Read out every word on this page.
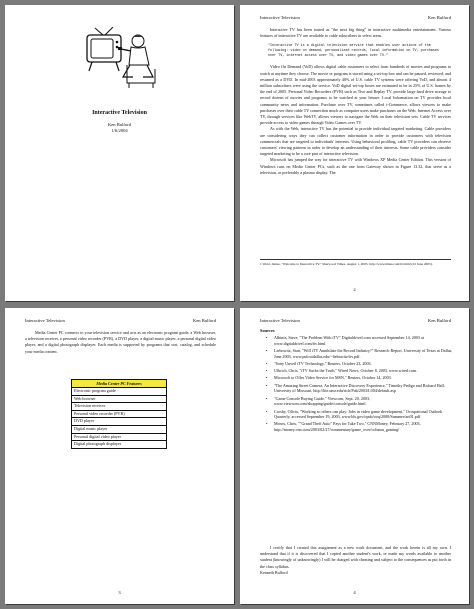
Interactive Television
Ken Bulford
1/6/2004
Interactive Television	Ken Bulford

Interactive TV has been touted as "the next big thing" in interactive multimedia entertainment. Various features of interactive TV are available to cable subscribers in select areas.

"Interactive TV is a digital television service that enables user actions of the following: video on demand, personalized records, local information on TV, purchases over TV, internet access over TV, and video games over TV."

Video On Demand (VoD) allows digital cable customers to select from hundreds of movies and programs to watch at anytime they choose. The movie or program is stored using a set-top box and can be paused, reviewed, and resumed as a DVD. In mid-2003 approximately 40% of U.S. cable TV systems were offering VoD, and almost 4 million subscribers were using the service. VoD digital set-top boxes are estimated to be in 25% of U.S. homes by the end of 2005. Personal Video Recorders (PVR) such as Tivo and Replay TV, provide large hard drive storage to record dozens of movies and programs to be watched at your leisure. Local Information on TV provides local community news and information. Purchase over TV, sometimes called t-Commerce, allows viewers to make purchases over their cable TV connection much as computer users make purchases on the Web. Internet Access over TV, through services like WebTV, allows viewers to navigate the Web on their television sets. Cable TV services provide access to video games through Video Games over TV.

As with the Web, interactive TV has the potential to provide individual targeted marketing. Cable providers are considering ways they can collect customer information in order to provide customers with television commercials that are targeted to individuals' interests. Using behavioral profiling, cable TV providers can observe customers' viewing patterns in order to develop an understanding of their interests. Some cable providers consider targeted marketing to be a core part of interactive television.

Microsoft has jumped the way for interactive TV with Windows XP Media Center Edition. This version of Windows runs on Media Center PCs, such as the one from Gateway shown in Figure 13.32, that serve as a television, or preferably a plasma display. The

1 Ward, James. "Welcome to Interactive TV." Sherwood Times. August 1, 2003. http://www.times.com/itv.html (22 June 2003).
2
Interactive Television	Ken Bulford

Media Center PC connects to your television service and acts as an electronic program guide, a Web browser, a television receiver, a personal video recorder (PVR), a DVD player, a digital music player, a personal digital video player, and a digital photograph displayer. Each media is supported by programs that sort, catalog, and schedule your media content.

Media Center PC Features
Electronic program guide
Web browser
Television receiver
Personal video recorder (PVR)
DVD player
Digital music player
Personal digital video player
Digital photograph displayer
3
Interactive Television	Ken Bulford
Sources
• Albiniz, Steve, "The Problem With iTV" Digitaldrivel.com accessed September 14, 2003 at www.digitaldrivel.com/itv.html.
• Liebowitz, Stan, "Will iTV Annihilate the Record Industry?" Research Report, University of Texas at Dallas, June 2003, www.pub.utdallas.edu/~liebowitz/itv.pdf.
• "Sony Unveil iTV Technology," Reuters, October 23, 2003.
• Ulbrich, Chris, "iTV Sucks the Truth," Wired News, October 8, 2003, www.wired.com.
• Microsoft to Offer Video Service for MSN," Reuters, October 14, 2003.
• "The Amazing Street Camera, An Interactive Discovery Experience," Timothy Pedigo and Richard Hall, University of Missouri, http://lite.umr.edu/rich/Pub/2003/L004/default.asp
• "Game Console Buying Guide," Viewcom, Sept. 20, 2003, www.viewcom.com/shopping/guide/console/guide.html.
• Crosby, Olivia, "Working so others can play: Jobs in video game development," Occupational Outlook Quarterly, accessed September 19, 2003, www.bls.gov/opub/ooq/2000/Summer/art01.pdf
• Morris, Chris, ""Grand Theft Auto" Pays for Take Two," CNNMoney, February 27, 2003, http://money.cnn.com/2003/02/27/commentary/game_over/column_gaming/

I certify that I created this assignment as a new work document, and the work herein is all my own. I understand that if it is discovered that I copied another student's work, or made my words available to another student (knowingly of unknowingly) I will be charged with cheating and subject to the consequences as put forth in the class syllabus.

Kenneth Bulford

4
